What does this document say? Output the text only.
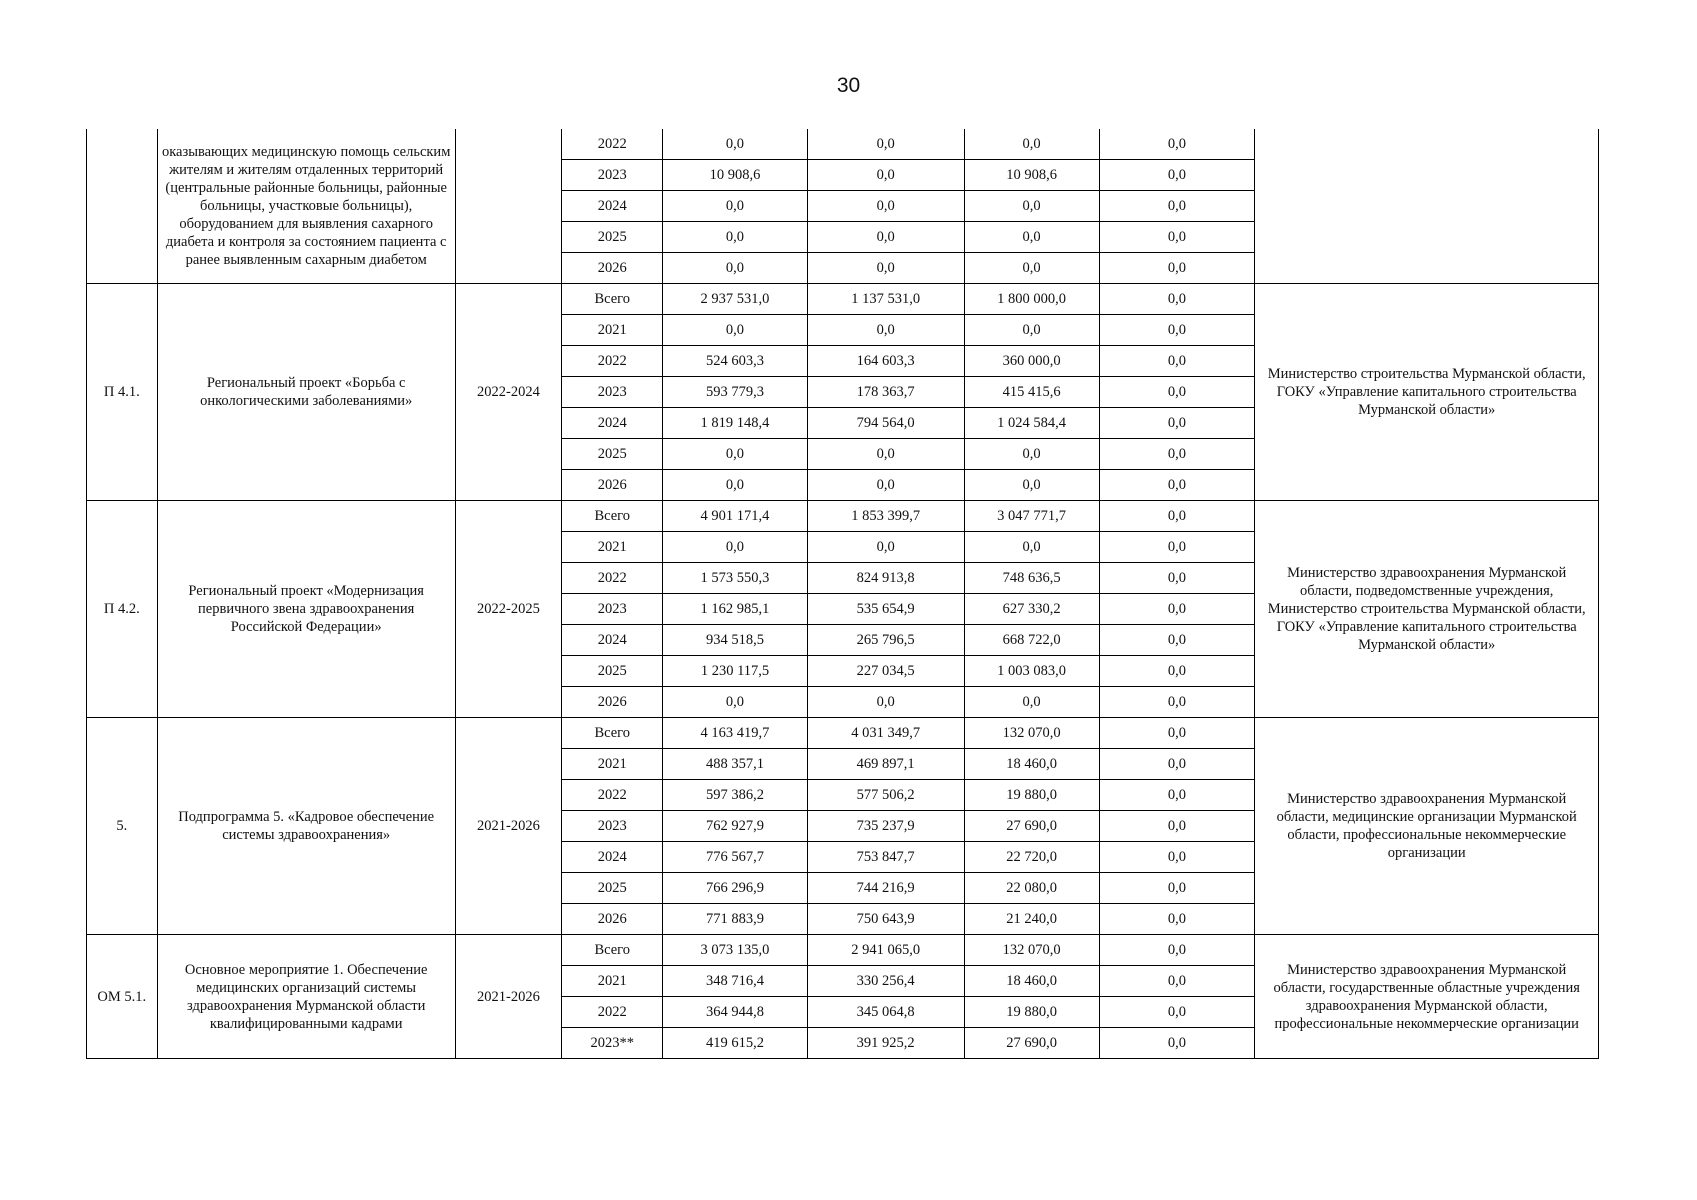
30
	оказывающих медицинскую помощь сельским жителям и жителям отдаленных территорий (центральные районные больницы, районные больницы, участковые больницы), оборудованием для выявления сахарного диабета и контроля за состоянием пациента с ранее выявленным сахарным диабетом		2022	0,0	0,0	0,0	0,0	
			2023	10 908,6	0,0	10 908,6	0,0	
			2024	0,0	0,0	0,0	0,0	
			2025	0,0	0,0	0,0	0,0	
			2026	0,0	0,0	0,0	0,0	
П 4.1.	Региональный проект «Борьба с онкологическими заболеваниями»	2022-2024	Всего	2 937 531,0	1 137 531,0	1 800 000,0	0,0	Министерство строительства Мурманской области, ГОКУ «Управление капитального строительства Мурманской области»
			2021	0,0	0,0	0,0	0,0	
			2022	524 603,3	164 603,3	360 000,0	0,0	
			2023	593 779,3	178 363,7	415 415,6	0,0	
			2024	1 819 148,4	794 564,0	1 024 584,4	0,0	
			2025	0,0	0,0	0,0	0,0	
			2026	0,0	0,0	0,0	0,0	
П 4.2.	Региональный проект «Модернизация первичного звена здравоохранения Российской Федерации»	2022-2025	Всего	4 901 171,4	1 853 399,7	3 047 771,7	0,0	Министерство здравоохранения Мурманской области, подведомственные учреждения, Министерство строительства Мурманской области, ГОКУ «Управление капитального строительства Мурманской области»
			2021	0,0	0,0	0,0	0,0	
			2022	1 573 550,3	824 913,8	748 636,5	0,0	
			2023	1 162 985,1	535 654,9	627 330,2	0,0	
			2024	934 518,5	265 796,5	668 722,0	0,0	
			2025	1 230 117,5	227 034,5	1 003 083,0	0,0	
			2026	0,0	0,0	0,0	0,0	
5.	Подпрограмма 5. «Кадровое обеспечение системы здравоохранения»	2021-2026	Всего	4 163 419,7	4 031 349,7	132 070,0	0,0	Министерство здравоохранения Мурманской области, медицинские организации Мурманской области, профессиональные некоммерческие организации
			2021	488 357,1	469 897,1	18 460,0	0,0	
			2022	597 386,2	577 506,2	19 880,0	0,0	
			2023	762 927,9	735 237,9	27 690,0	0,0	
			2024	776 567,7	753 847,7	22 720,0	0,0	
			2025	766 296,9	744 216,9	22 080,0	0,0	
			2026	771 883,9	750 643,9	21 240,0	0,0	
ОМ 5.1.	Основное мероприятие 1. Обеспечение медицинских организаций системы здравоохранения Мурманской области квалифицированными кадрами	2021-2026	Всего	3 073 135,0	2 941 065,0	132 070,0	0,0	Министерство здравоохранения Мурманской области, государственные областные учреждения здравоохранения Мурманской области, профессиональные некоммерческие организации
			2021	348 716,4	330 256,4	18 460,0	0,0	
			2022	364 944,8	345 064,8	19 880,0	0,0	
			2023**	419 615,2	391 925,2	27 690,0	0,0	
